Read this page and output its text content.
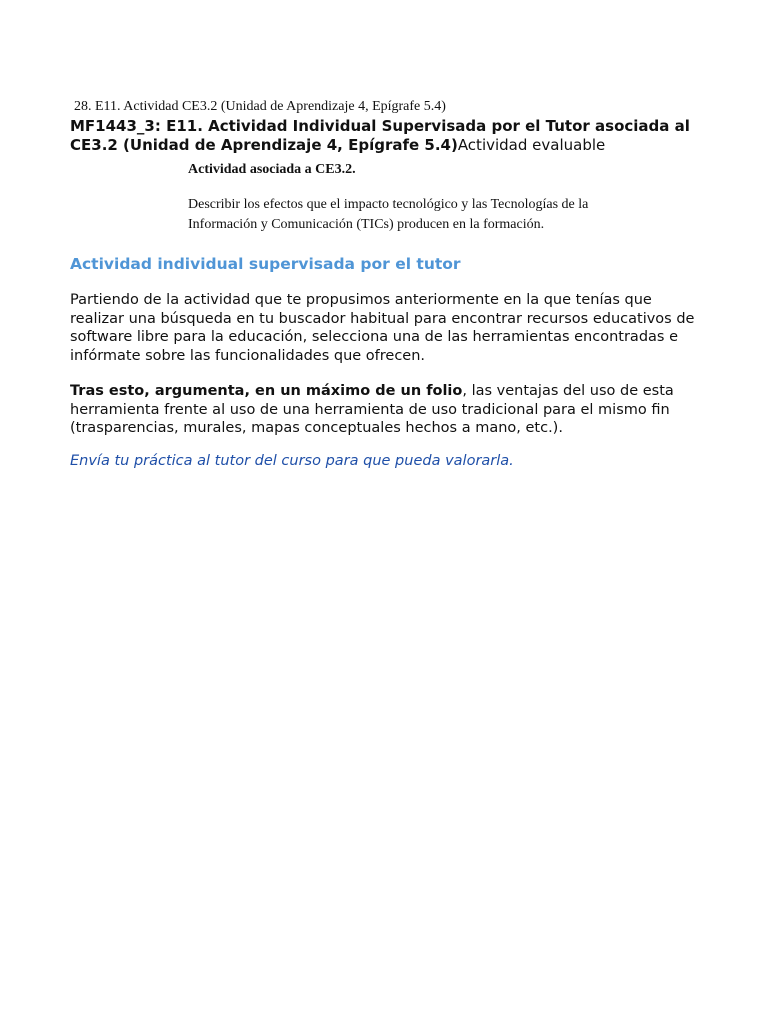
28. E11. Actividad CE3.2 (Unidad de Aprendizaje 4, Epígrafe 5.4)
MF1443_3: E11. Actividad Individual Supervisada por el Tutor asociada al CE3.2 (Unidad de Aprendizaje 4, Epígrafe 5.4)Actividad evaluable
Actividad asociada a CE3.2.
Describir los efectos que el impacto tecnológico y las Tecnologías de la Información y Comunicación (TICs) producen en la formación.
Actividad individual supervisada por el tutor
Partiendo de la actividad que te propusimos anteriormente en la que tenías que realizar una búsqueda en tu buscador habitual para encontrar recursos educativos de software libre para la educación, selecciona una de las herramientas encontradas e infórmate sobre las funcionalidades que ofrecen.
Tras esto, argumenta, en un máximo de un folio, las ventajas del uso de esta herramienta frente al uso de una herramienta de uso tradicional para el mismo fin (trasparencias, murales, mapas conceptuales hechos a mano, etc.).
Envía tu práctica al tutor del curso para que pueda valorarla.
